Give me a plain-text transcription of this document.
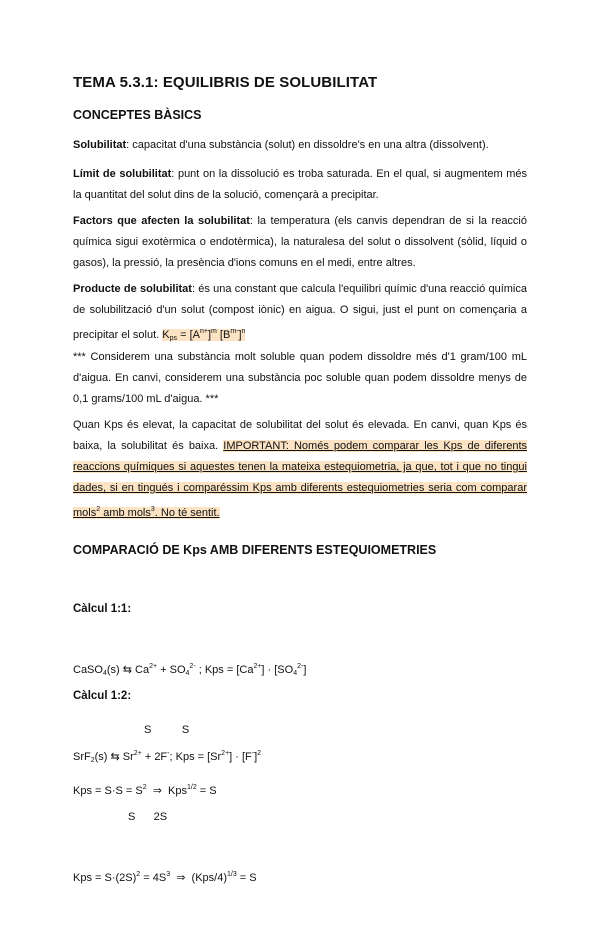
TEMA 5.3.1: EQUILIBRIS DE SOLUBILITAT
CONCEPTES BÀSICS
Solubilitat: capacitat d'una substància (solut) en dissoldre's en una altra (dissolvent).
Límit de solubilitat: punt on la dissolució es troba saturada. En el qual, si augmentem més la quantitat del solut dins de la solució, començarà a precipitar.
Factors que afecten la solubilitat: la temperatura (els canvis dependran de si la reacció química sigui exotèrmica o endotèrmica), la naturalesa del solut o dissolvent (sòlid, líquid o gasos), la pressió, la presència d'ions comuns en el medi, entre altres.
Producte de solubilitat: és una constant que calcula l'equilibri químic d'una reacció química de solubilització d'un solut (compost iònic) en aigua. O sigui, just el punt on començaria a precipitar el solut. $K_{ps} = [A^{n+}]^m$ $[B^{m-}]^n$
*** Considerem una substància molt soluble quan podem dissoldre més d'1 gram/100 mL d'aigua. En canvi, considerem una substància poc soluble quan podem dissoldre menys de 0,1 grams/100 mL d'aigua. ***
Quan Kps és elevat, la capacitat de solubilitat del solut és elevada. En canvi, quan Kps és baixa, la solubilitat és baixa. IMPORTANT: Només podem comparar les Kps de diferents reaccions químiques si aquestes tenen la mateixa estequiometria, ja que, tot i que no tingui dades, si en tingués i comparéssim Kps amb diferents estequiometries seria com comparar mols$^2$ amb mols$^3$. No té sentit.
COMPARACIÓ DE Kps AMB DIFERENTS ESTEQUIOMETRIES

Càlcul 1:1:

CaSO$_4$(s) ⇆ $Ca^{2+} + SO_4^{2-}$ ; Kps = $[Ca^{2+}] \cdot [SO_4^{2-}]$

S          S

Kps = $S\cdot S = S^2$  ⇒  Kps$^{1/2}$ = S

Càlcul 1:2:

SrF$_2$(s) ⇆ $Sr^{2+} + 2F^-$; Kps = $[Sr^{2+}] \cdot [F^-]^2$

S      2S

Kps = $S\cdot(2S)^2 = 4S^3$  ⇒  $(Kps/4)^{1/3} = S$
